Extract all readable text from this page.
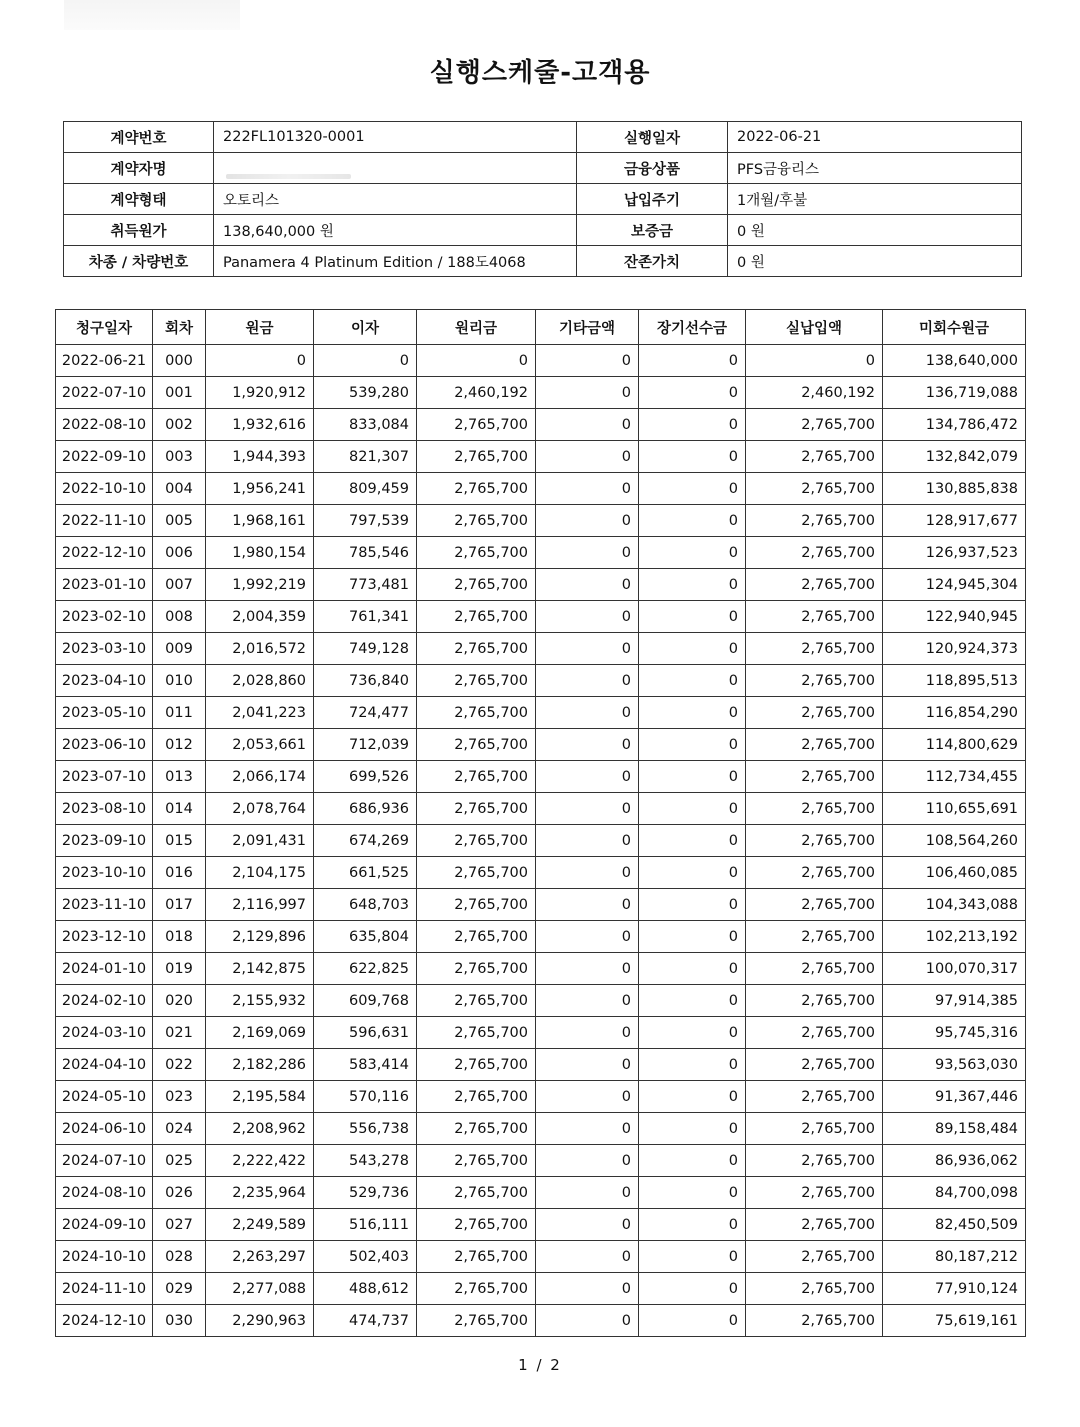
실행스케줄-고객용
계약번호	222FL101320-0001	실행일자	2022-06-21
계약자명		금융상품	PFS금융리스
계약형태	오토리스	납입주기	1개월/후불
취득원가	138,640,000 원	보증금	0 원
차종 / 차량번호	Panamera 4 Platinum Edition / 188도4068	잔존가치	0 원
청구일자	회차	원금	이자	원리금	기타금액	장기선수금	실납입액	미회수원금
2022-06-21	000	0	0	0	0	0	0	138,640,000
2022-07-10	001	1,920,912	539,280	2,460,192	0	0	2,460,192	136,719,088
2022-08-10	002	1,932,616	833,084	2,765,700	0	0	2,765,700	134,786,472
2022-09-10	003	1,944,393	821,307	2,765,700	0	0	2,765,700	132,842,079
2022-10-10	004	1,956,241	809,459	2,765,700	0	0	2,765,700	130,885,838
2022-11-10	005	1,968,161	797,539	2,765,700	0	0	2,765,700	128,917,677
2022-12-10	006	1,980,154	785,546	2,765,700	0	0	2,765,700	126,937,523
2023-01-10	007	1,992,219	773,481	2,765,700	0	0	2,765,700	124,945,304
2023-02-10	008	2,004,359	761,341	2,765,700	0	0	2,765,700	122,940,945
2023-03-10	009	2,016,572	749,128	2,765,700	0	0	2,765,700	120,924,373
2023-04-10	010	2,028,860	736,840	2,765,700	0	0	2,765,700	118,895,513
2023-05-10	011	2,041,223	724,477	2,765,700	0	0	2,765,700	116,854,290
2023-06-10	012	2,053,661	712,039	2,765,700	0	0	2,765,700	114,800,629
2023-07-10	013	2,066,174	699,526	2,765,700	0	0	2,765,700	112,734,455
2023-08-10	014	2,078,764	686,936	2,765,700	0	0	2,765,700	110,655,691
2023-09-10	015	2,091,431	674,269	2,765,700	0	0	2,765,700	108,564,260
2023-10-10	016	2,104,175	661,525	2,765,700	0	0	2,765,700	106,460,085
2023-11-10	017	2,116,997	648,703	2,765,700	0	0	2,765,700	104,343,088
2023-12-10	018	2,129,896	635,804	2,765,700	0	0	2,765,700	102,213,192
2024-01-10	019	2,142,875	622,825	2,765,700	0	0	2,765,700	100,070,317
2024-02-10	020	2,155,932	609,768	2,765,700	0	0	2,765,700	97,914,385
2024-03-10	021	2,169,069	596,631	2,765,700	0	0	2,765,700	95,745,316
2024-04-10	022	2,182,286	583,414	2,765,700	0	0	2,765,700	93,563,030
2024-05-10	023	2,195,584	570,116	2,765,700	0	0	2,765,700	91,367,446
2024-06-10	024	2,208,962	556,738	2,765,700	0	0	2,765,700	89,158,484
2024-07-10	025	2,222,422	543,278	2,765,700	0	0	2,765,700	86,936,062
2024-08-10	026	2,235,964	529,736	2,765,700	0	0	2,765,700	84,700,098
2024-09-10	027	2,249,589	516,111	2,765,700	0	0	2,765,700	82,450,509
2024-10-10	028	2,263,297	502,403	2,765,700	0	0	2,765,700	80,187,212
2024-11-10	029	2,277,088	488,612	2,765,700	0	0	2,765,700	77,910,124
2024-12-10	030	2,290,963	474,737	2,765,700	0	0	2,765,700	75,619,161
1 / 2
